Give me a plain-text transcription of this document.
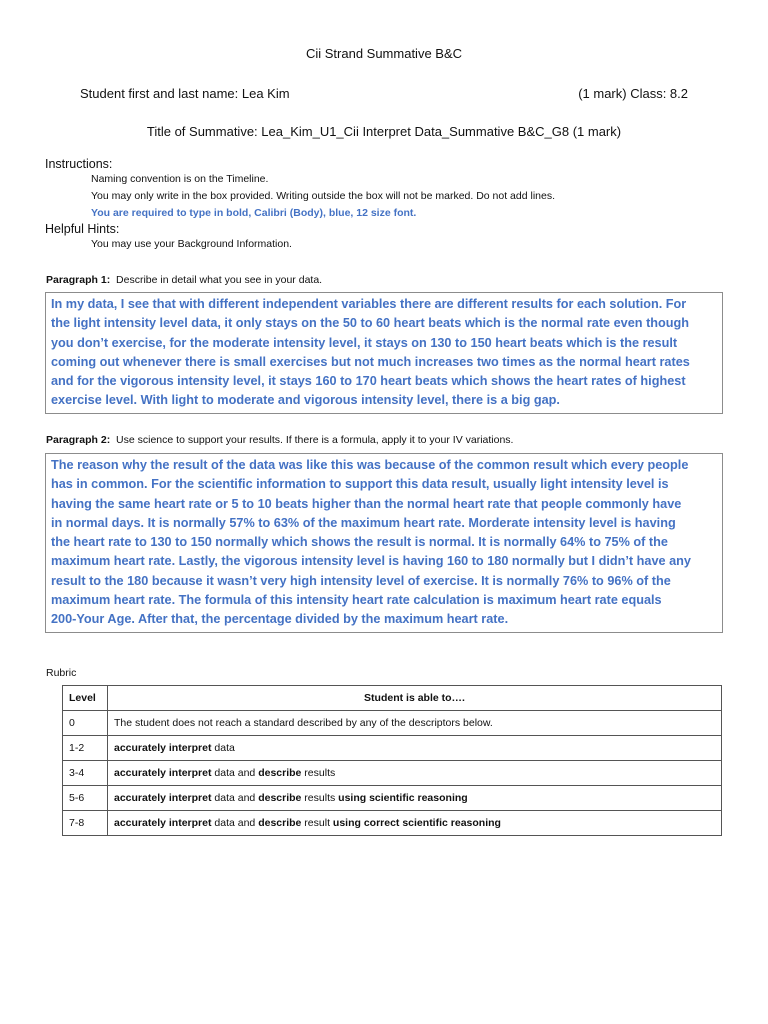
Cii Strand Summative B&C
Student first and last name: Lea Kim	(1 mark) Class: 8.2
Title of Summative: Lea_Kim_U1_Cii Interpret Data_Summative B&C_G8 (1 mark)
Instructions:
Naming convention is on the Timeline.
You may only write in the box provided. Writing outside the box will not be marked. Do not add lines.
You are required to type in bold, Calibri (Body), blue, 12 size font.
Helpful Hints:
You may use your Background Information.
Paragraph 1: Describe in detail what you see in your data.
In my data, I see that with different independent variables there are different results for each solution. For
the light intensity level data, it only stays on the 50 to 60 heart beats which is the normal rate even though
you don’t exercise, for the moderate intensity level, it stays on 130 to 150 heart beats which is the result
coming out whenever there is small exercises but not much increases two times as the normal heart rates
and for the vigorous intensity level, it stays 160 to 170 heart beats which shows the heart rates of highest
exercise level. With light to moderate and vigorous intensity level, there is a big gap.
Paragraph 2: Use science to support your results. If there is a formula, apply it to your IV variations.
The reason why the result of the data was like this was because of the common result which every people
has in common. For the scientific information to support this data result, usually light intensity level is
having the same heart rate or 5 to 10 beats higher than the normal heart rate that people commonly have
in normal days. It is normally 57% to 63% of the maximum heart rate. Morderate intensity level is having
the heart rate to 130 to 150 normally which shows the result is normal. It is normally 64% to 75% of the
maximum heart rate. Lastly, the vigorous intensity level is having 160 to 180 normally but I didn’t have any
result to the 180 because it wasn’t very high intensity level of exercise. It is normally 76% to 96% of the
maximum heart rate. The formula of this intensity heart rate calculation is maximum heart rate equals
200-Your Age. After that, the percentage divided by the maximum heart rate.
Rubric
Level	Student is able to….
0	The student does not reach a standard described by any of the descriptors below.
1-2	accurately interpret data
3-4	accurately interpret data and describe results
5-6	accurately interpret data and describe results using scientific reasoning
7-8	accurately interpret data and describe result using correct scientific reasoning
